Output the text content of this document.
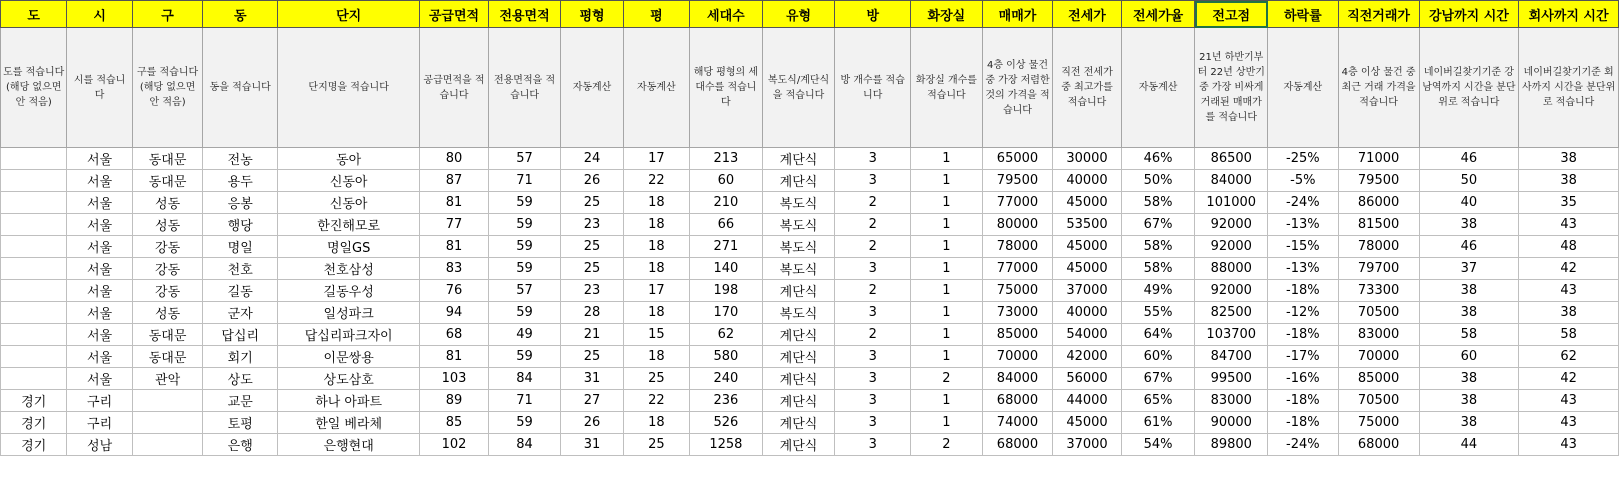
도	시	구	동	단지	공급면적	전용면적	평형	평	세대수	유형	방	화장실	매매가	전세가	전세가율	전고점	하락률	직전거래가	강남까지 시간	회사까지 시간
도를 적습니다(해당 없으면 안 적음)	시를 적습니다	구를 적습니다(해당 없으면 안 적음)	동을 적습니다	단지명을 적습니다	공급면적을 적습니다	전용면적을 적습니다	자동계산	자동계산	해당 평형의 세대수를 적습니다	복도식/계단식을 적습니다	방 개수를 적습니다	화장실 개수를 적습니다	4층 이상 물건 중 가장 저렴한 것의 가격을 적습니다	직전 전세가 중 최고가를 적습니다	자동계산	21년 하반기부터 22년 상반기 중 가장 비싸게 거래된 매매가를 적습니다	자동계산	4층 이상 물건 중 최근 거래 가격을 적습니다	네이버길찾기기준 강남역까지 시간을 분단위로 적습니다	네이버길찾기기준 회사까지 시간을 분단위로 적습니다
	서울	동대문	전농	동아	80	57	24	17	213	계단식	3	1	65000	30000	46%	86500	-25%	71000	46	38
	서울	동대문	용두	신동아	87	71	26	22	60	계단식	3	1	79500	40000	50%	84000	-5%	79500	50	38
	서울	성동	응봉	신동아	81	59	25	18	210	복도식	2	1	77000	45000	58%	101000	-24%	86000	40	35
	서울	성동	행당	한진해모로	77	59	23	18	66	복도식	2	1	80000	53500	67%	92000	-13%	81500	38	43
	서울	강동	명일	명일GS	81	59	25	18	271	복도식	2	1	78000	45000	58%	92000	-15%	78000	46	48
	서울	강동	천호	천호삼성	83	59	25	18	140	복도식	3	1	77000	45000	58%	88000	-13%	79700	37	42
	서울	강동	길동	길동우성	76	57	23	17	198	계단식	2	1	75000	37000	49%	92000	-18%	73300	38	43
	서울	성동	군자	일성파크	94	59	28	18	170	복도식	3	1	73000	40000	55%	82500	-12%	70500	38	38
	서울	동대문	답십리	답십리파크자이	68	49	21	15	62	계단식	2	1	85000	54000	64%	103700	-18%	83000	58	58
	서울	동대문	회기	이문쌍용	81	59	25	18	580	계단식	3	1	70000	42000	60%	84700	-17%	70000	60	62
	서울	관악	상도	상도삼호	103	84	31	25	240	계단식	3	2	84000	56000	67%	99500	-16%	85000	38	42
경기	구리		교문	하나 아파트	89	71	27	22	236	계단식	3	1	68000	44000	65%	83000	-18%	70500	38	43
경기	구리		토평	한일 베라체	85	59	26	18	526	계단식	3	1	74000	45000	61%	90000	-18%	75000	38	43
경기	성남		은행	은행현대	102	84	31	25	1258	계단식	3	2	68000	37000	54%	89800	-24%	68000	44	43
